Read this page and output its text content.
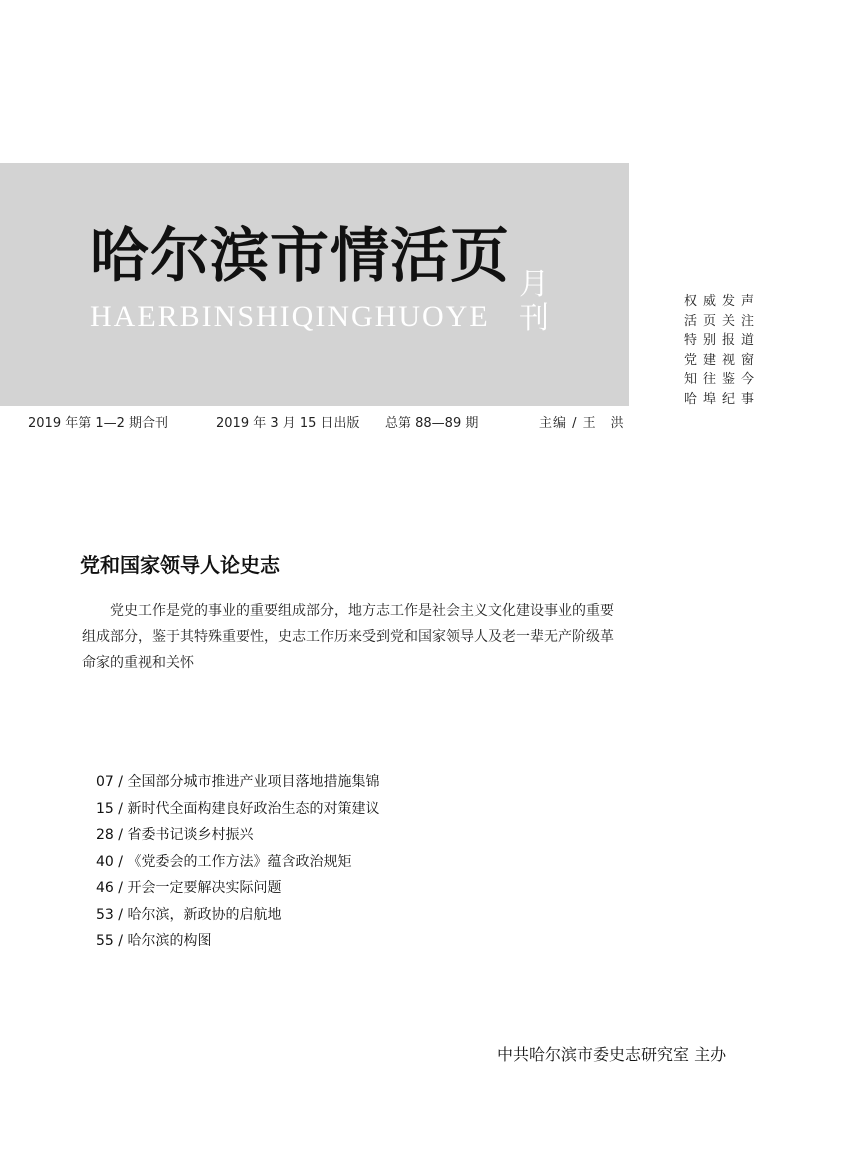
哈尔滨市情活页
HAERBINSHIQINGHUOYE
月
刊	权威发声
活页关注
特别报道
党建视窗
知往鉴今
哈埠纪事
2019 年第 1—2 期合刊	2019 年 3 月 15 日出版 总第 88—89 期	主编 / 王　洪
党和国家领导人论史志

党史工作是党的事业的重要组成部分，地方志工作是社会主义文化建设事业的重要组成部分，鉴于其特殊重要性，史志工作历来受到党和国家领导人及老一辈无产阶级革命家的重视和关怀

07 / 全国部分城市推进产业项目落地措施集锦
15 / 新时代全面构建良好政治生态的对策建议
28 / 省委书记谈乡村振兴
40 / 《党委会的工作方法》蕴含政治规矩
46 / 开会一定要解决实际问题
53 / 哈尔滨，新政协的启航地
55 / 哈尔滨的构图
中共哈尔滨市委史志研究室 主办
